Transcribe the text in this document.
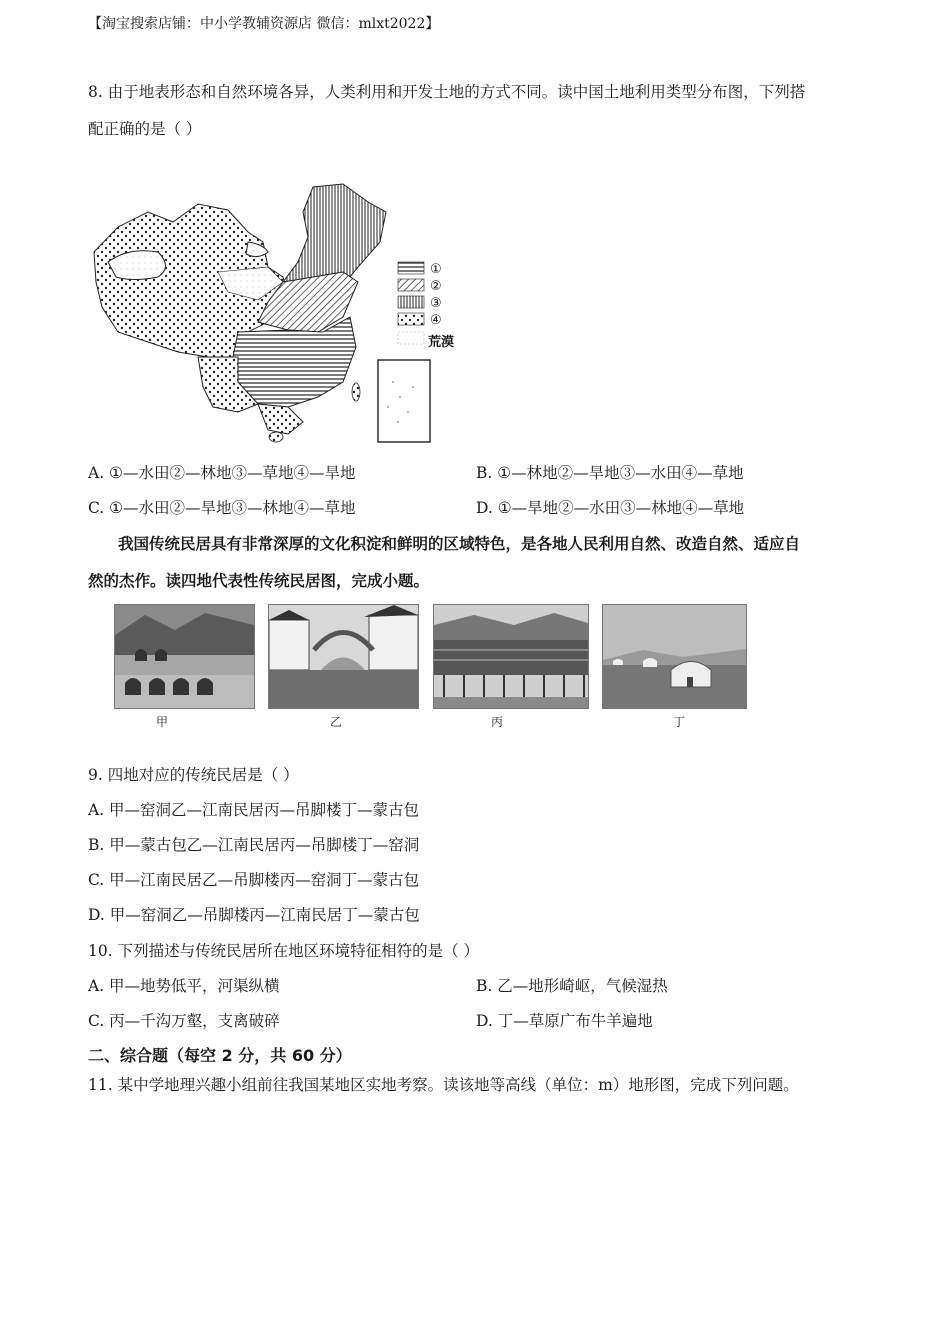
【淘宝搜索店铺：中小学教辅资源店 微信：mlxt2022】
8. 由于地表形态和自然环境各异，人类利用和开发土地的方式不同。读中国土地利用类型分布图，下列搭
配正确的是（ ）
①
②
③
④
荒漠
A. ①—水田②—林地③—草地④—旱地	B. ①—林地②—旱地③—水田④—草地
C. ①—水田②—旱地③—林地④—草地	D. ①—旱地②—水田③—林地④—草地
我国传统民居具有非常深厚的文化积淀和鲜明的区域特色，是各地人民利用自然、改造自然、适应自
然的杰作。读四地代表性传统民居图，完成小题。
甲	乙	丙	丁
9. 四地对应的传统民居是（ ）
A. 甲—窑洞乙—江南民居丙—吊脚楼丁—蒙古包
B. 甲—蒙古包乙—江南民居丙—吊脚楼丁—窑洞
C. 甲—江南民居乙—吊脚楼丙—窑洞丁—蒙古包
D. 甲—窑洞乙—吊脚楼丙—江南民居丁—蒙古包
10. 下列描述与传统民居所在地区环境特征相符的是（ ）
A. 甲—地势低平，河渠纵横	B. 乙—地形崎岖，气候湿热
C. 丙—千沟万壑，支离破碎	D. 丁—草原广布牛羊遍地
二、综合题（每空 2 分，共 60 分）
11. 某中学地理兴趣小组前往我国某地区实地考察。读该地等高线（单位：m）地形图，完成下列问题。
